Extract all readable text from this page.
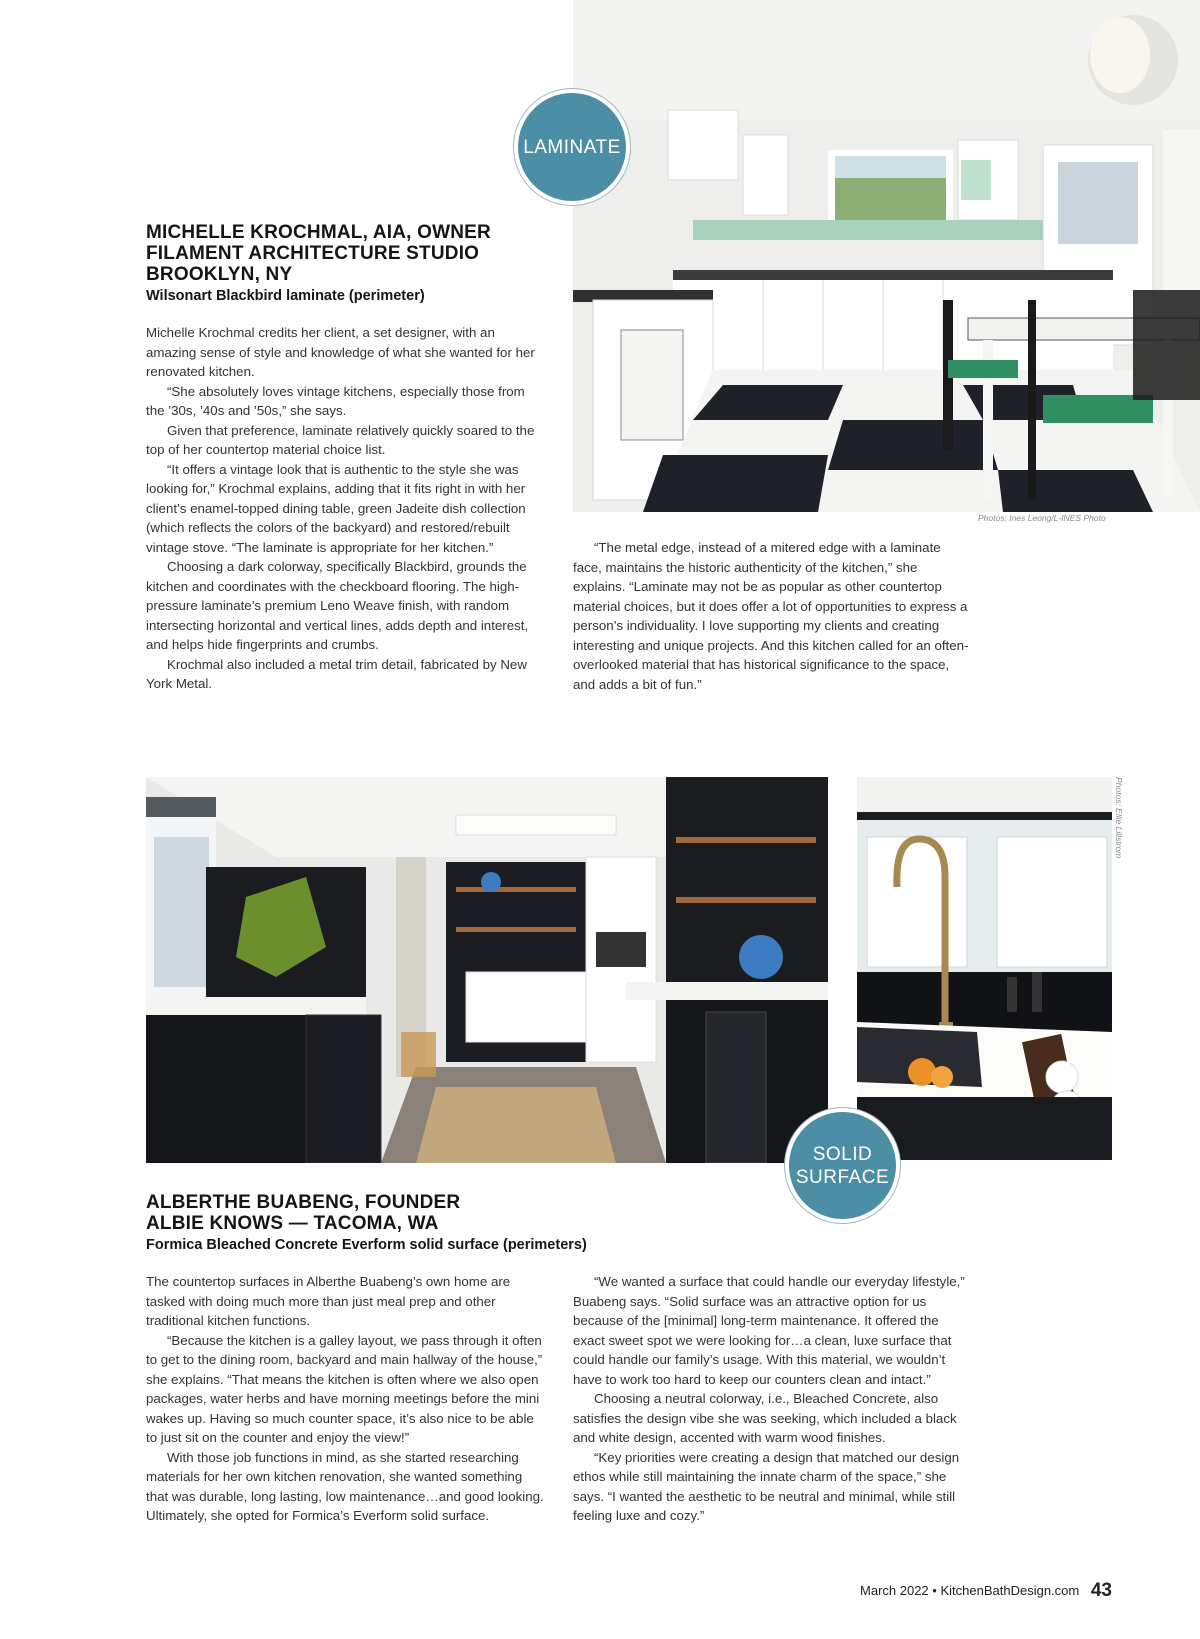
LAMINATE
MICHELLE KROCHMAL, AIA, OWNER
FILAMENT ARCHITECTURE STUDIO
BROOKLYN, NY
Wilsonart Blackbird laminate (perimeter)

Michelle Krochmal credits her client, a set designer, with an amazing sense of style and knowledge of what she wanted for her renovated kitchen.

“She absolutely loves vintage kitchens, especially those from the ’30s, ’40s and ’50s,” she says.

Given that preference, laminate relatively quickly soared to the top of her countertop material choice list.

“It offers a vintage look that is authentic to the style she was looking for,” Krochmal explains, adding that it fits right in with her client’s enamel-topped dining table, green Jadeite dish collection (which reflects the colors of the backyard) and restored/rebuilt vintage stove. “The laminate is appropriate for her kitchen.”

Choosing a dark colorway, specifically Blackbird, grounds the kitchen and coordinates with the checkboard flooring. The high-pressure laminate’s premium Leno Weave finish, with random intersecting horizontal and vertical lines, adds depth and interest, and helps hide fingerprints and crumbs.

Krochmal also included a metal trim detail, fabricated by New York Metal.

Photos: Ines Leong/L-INES Photo

“The metal edge, instead of a mitered edge with a laminate face, maintains the historic authenticity of the kitchen,” she explains. “Laminate may not be as popular as other countertop material choices, but it does offer a lot of opportunities to express a person’s individuality. I love supporting my clients and creating interesting and unique projects. And this kitchen called for an often-overlooked material that has historical significance to the space, and adds a bit of fun.”

Photos: Ellie Lillstrom
SOLID
SURFACE
ALBERTHE BUABENG, FOUNDER
ALBIE KNOWS — TACOMA, WA
Formica Bleached Concrete Everform solid surface (perimeters)

The countertop surfaces in Alberthe Buabeng’s own home are tasked with doing much more than just meal prep and other traditional kitchen functions.

“Because the kitchen is a galley layout, we pass through it often to get to the dining room, backyard and main hallway of the house,” she explains. “That means the kitchen is often where we also open packages, water herbs and have morning meetings before the mini wakes up. Having so much counter space, it’s also nice to be able to just sit on the counter and enjoy the view!”

With those job functions in mind, as she started researching materials for her own kitchen renovation, she wanted something that was durable, long lasting, low maintenance…and good looking. Ultimately, she opted for Formica’s Everform solid surface.

“We wanted a surface that could handle our everyday lifestyle,” Buabeng says. “Solid surface was an attractive option for us because of the [minimal] long-term maintenance. It offered the exact sweet spot we were looking for…a clean, luxe surface that could handle our family’s usage. With this material, we wouldn’t have to work too hard to keep our counters clean and intact.”

Choosing a neutral colorway, i.e., Bleached Concrete, also satisfies the design vibe she was seeking, which included a black and white design, accented with warm wood finishes.

“Key priorities were creating a design that matched our design ethos while still maintaining the innate charm of the space,” she says. “I wanted the aesthetic to be neutral and minimal, while still feeling luxe and cozy.”

March 2022 • KitchenBathDesign.com 43
